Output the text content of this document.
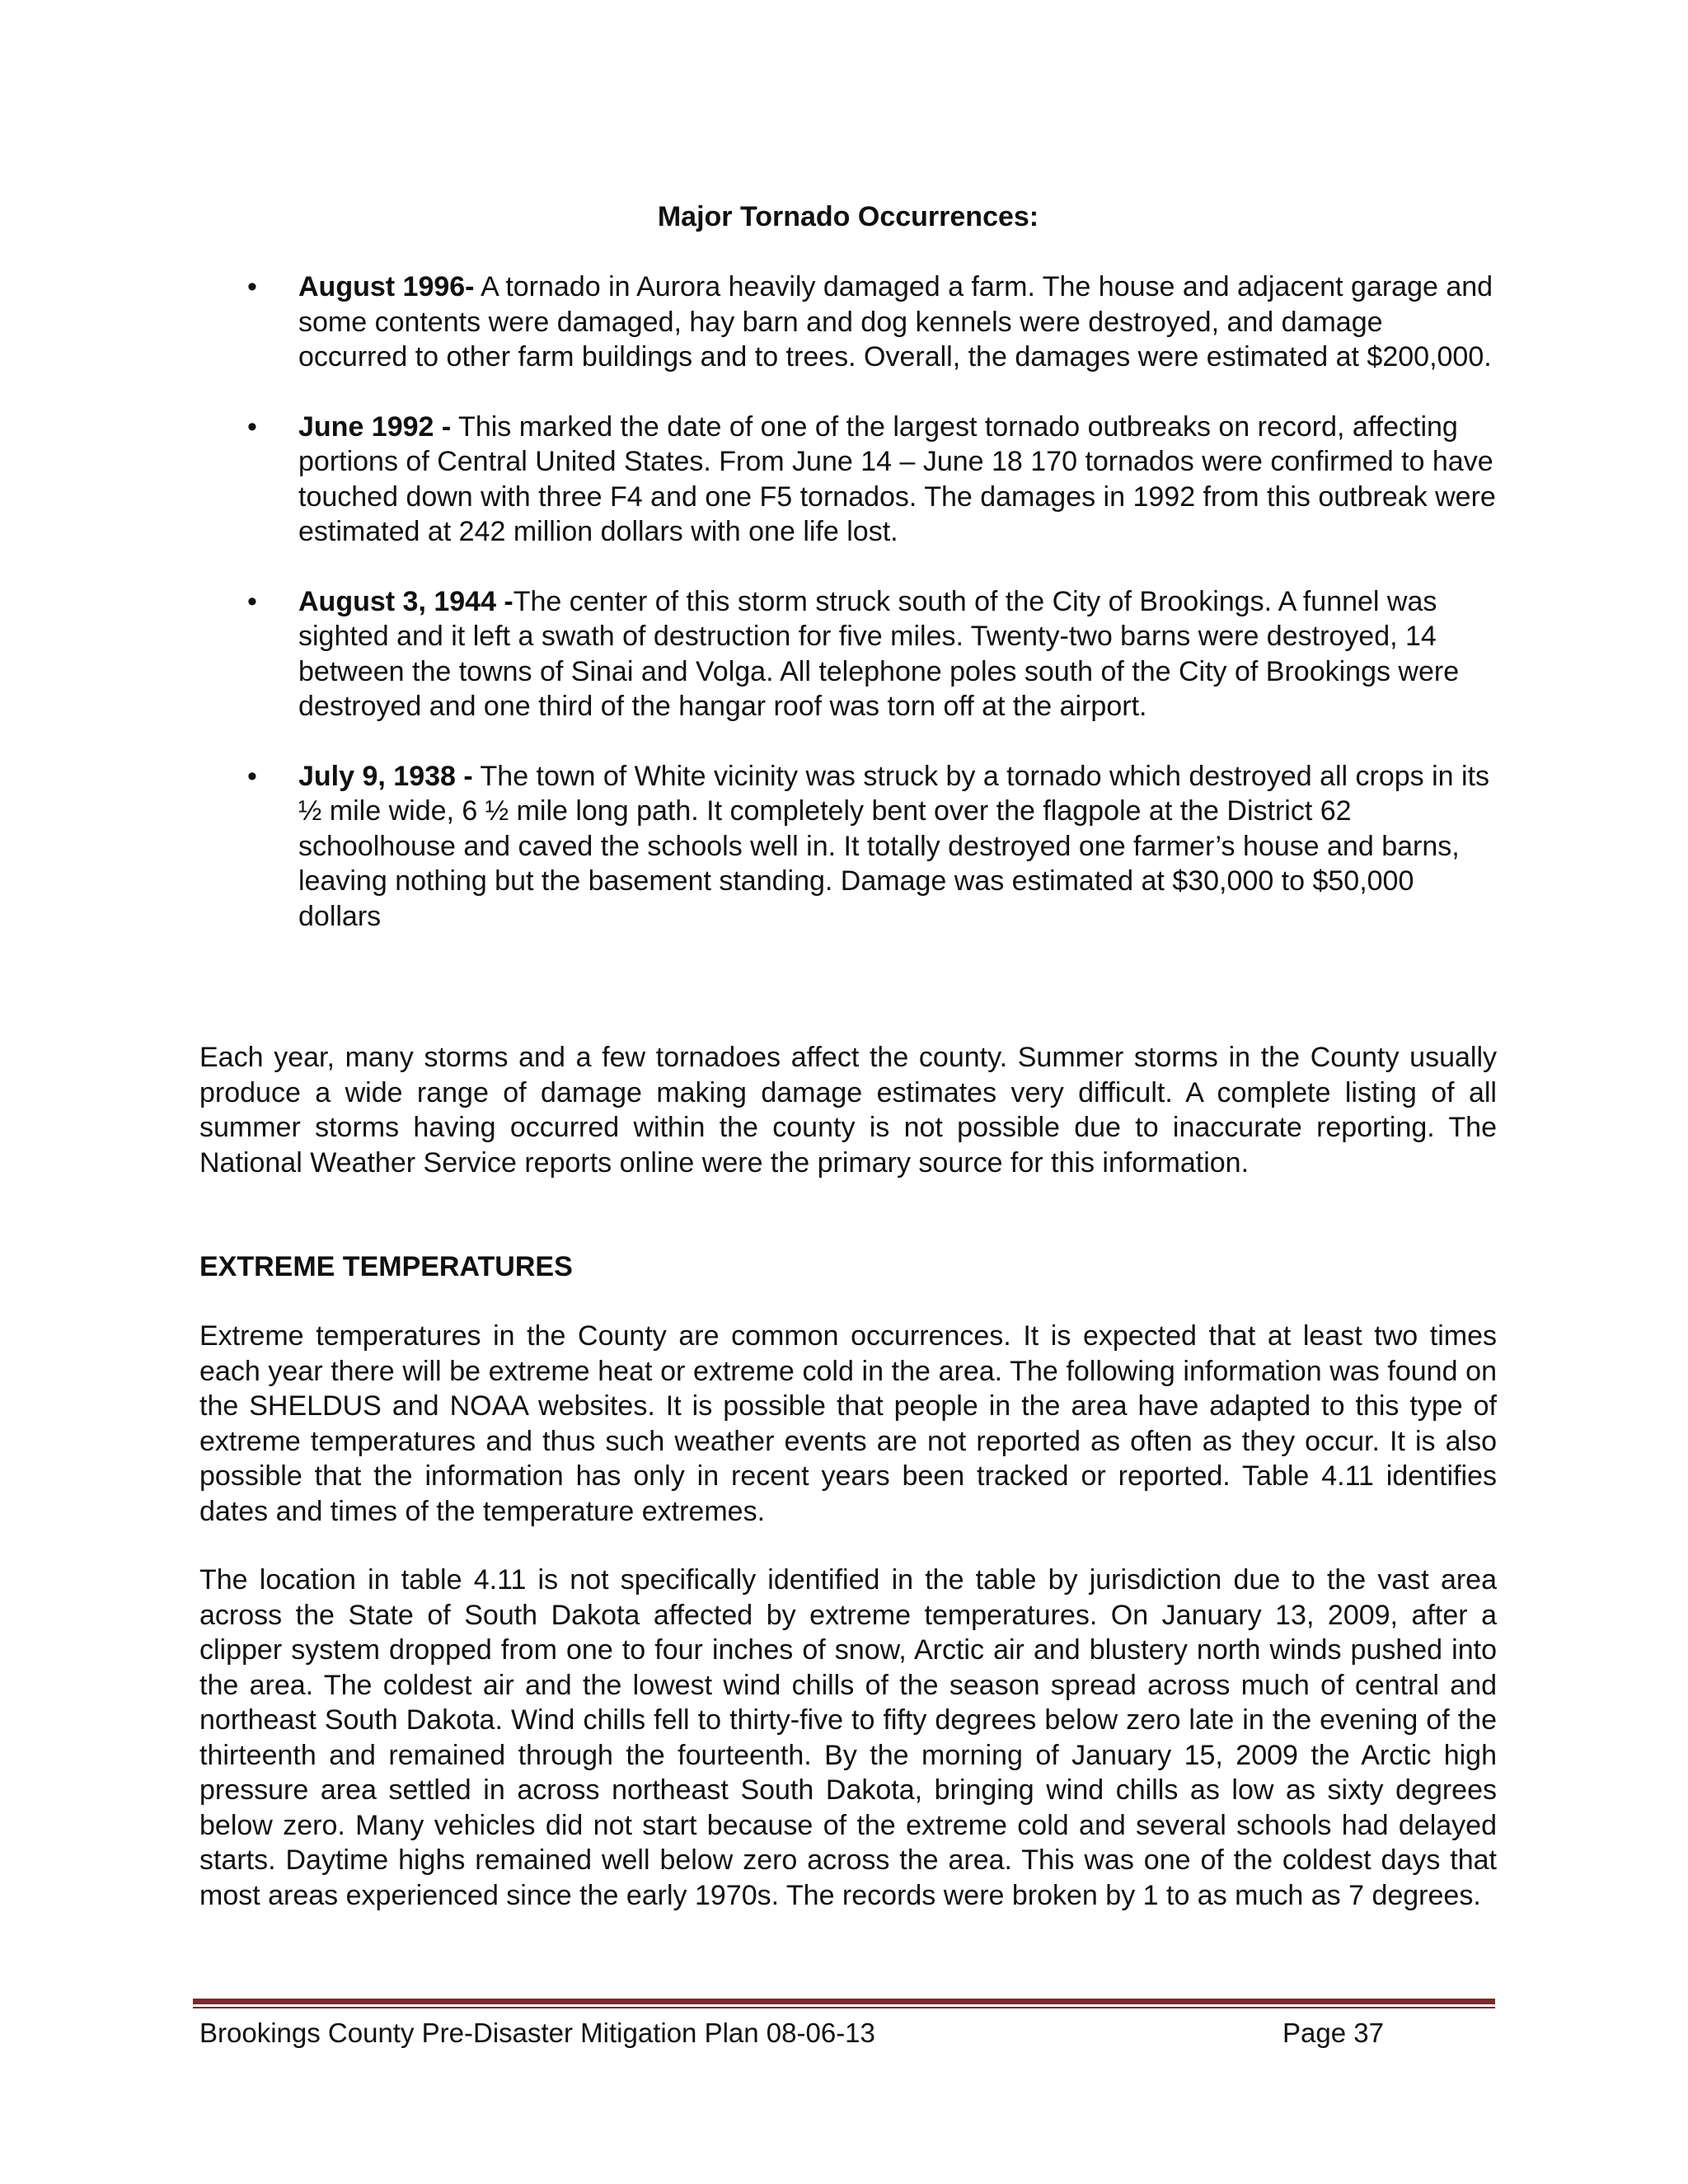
Major Tornado Occurrences:
• August 1996- A tornado in Aurora heavily damaged a farm. The house and adjacent garage and some contents were damaged, hay barn and dog kennels were destroyed, and damage occurred to other farm buildings and to trees. Overall, the damages were estimated at $200,000.
• June 1992 - This marked the date of one of the largest tornado outbreaks on record, affecting portions of Central United States. From June 14 – June 18 170 tornados were confirmed to have touched down with three F4 and one F5 tornados. The damages in 1992 from this outbreak were estimated at 242 million dollars with one life lost.
• August 3, 1944 -The center of this storm struck south of the City of Brookings. A funnel was sighted and it left a swath of destruction for five miles. Twenty-two barns were destroyed, 14 between the towns of Sinai and Volga. All telephone poles south of the City of Brookings were destroyed and one third of the hangar roof was torn off at the airport.
• July 9, 1938 - The town of White vicinity was struck by a tornado which destroyed all crops in its ½ mile wide, 6 ½ mile long path. It completely bent over the flagpole at the District 62 schoolhouse and caved the schools well in. It totally destroyed one farmer’s house and barns, leaving nothing but the basement standing. Damage was estimated at $30,000 to $50,000 dollars

Each year, many storms and a few tornadoes affect the county. Summer storms in the County usually produce a wide range of damage making damage estimates very difficult. A complete listing of all summer storms having occurred within the county is not possible due to inaccurate reporting. The National Weather Service reports online were the primary source for this information.

EXTREME TEMPERATURES

Extreme temperatures in the County are common occurrences. It is expected that at least two times each year there will be extreme heat or extreme cold in the area. The following information was found on the SHELDUS and NOAA websites. It is possible that people in the area have adapted to this type of extreme temperatures and thus such weather events are not reported as often as they occur. It is also possible that the information has only in recent years been tracked or reported. Table 4.11 identifies dates and times of the temperature extremes.

The location in table 4.11 is not specifically identified in the table by jurisdiction due to the vast area across the State of South Dakota affected by extreme temperatures. On January 13, 2009, after a clipper system dropped from one to four inches of snow, Arctic air and blustery north winds pushed into the area. The coldest air and the lowest wind chills of the season spread across much of central and northeast South Dakota. Wind chills fell to thirty-five to fifty degrees below zero late in the evening of the thirteenth and remained through the fourteenth. By the morning of January 15, 2009 the Arctic high pressure area settled in across northeast South Dakota, bringing wind chills as low as sixty degrees below zero. Many vehicles did not start because of the extreme cold and several schools had delayed starts. Daytime highs remained well below zero across the area. This was one of the coldest days that most areas experienced since the early 1970s. The records were broken by 1 to as much as 7 degrees.

Brookings County Pre-Disaster Mitigation Plan 08-06-13	Page 37
